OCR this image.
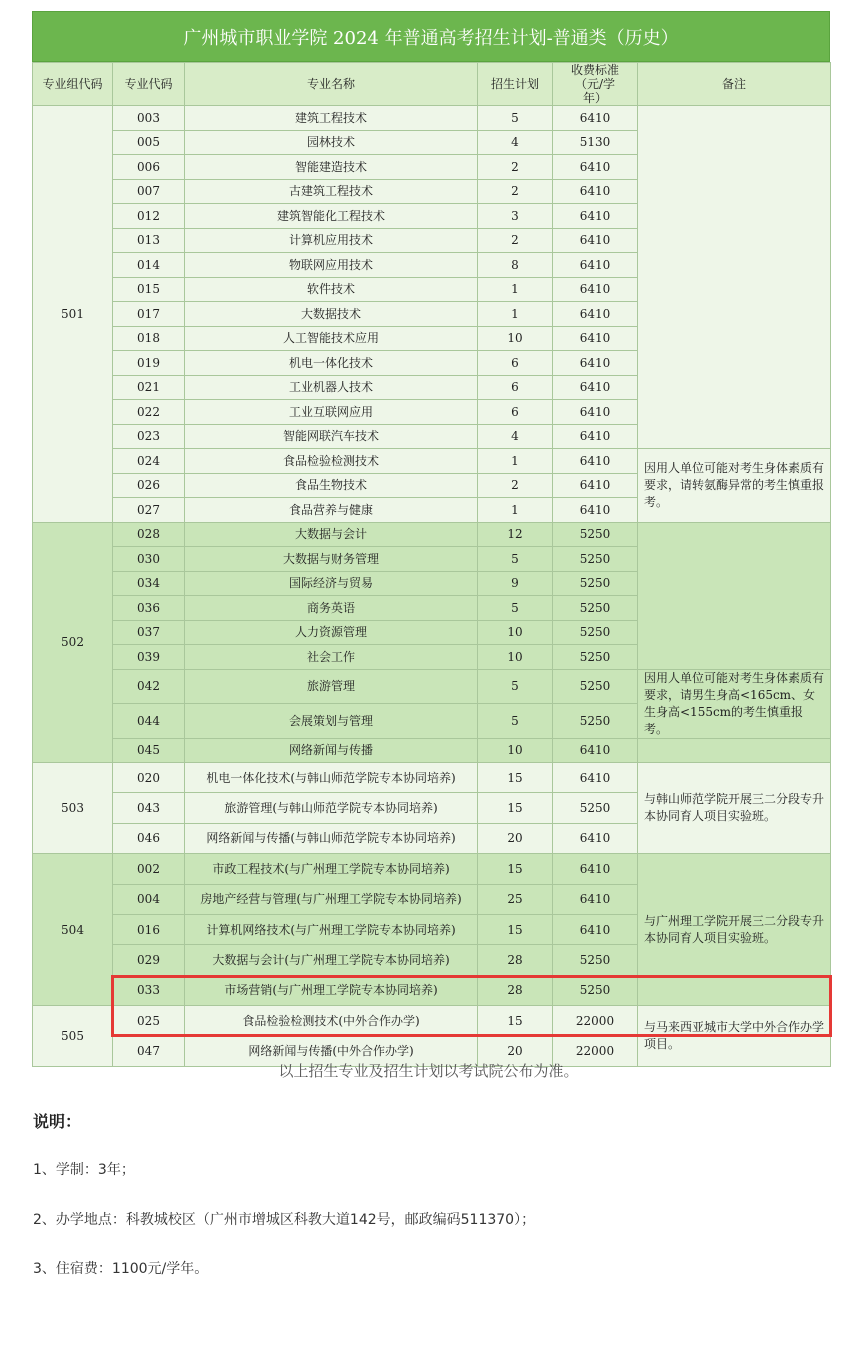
广州城市职业学院 2024 年普通高考招生计划-普通类（历史）
专业组代码	专业代码	专业名称	招生计划	收费标准（元/学年）	备注
501	003	建筑工程技术	5	6410	
	005	园林技术	4	5130	
	006	智能建造技术	2	6410	
	007	古建筑工程技术	2	6410	
	012	建筑智能化工程技术	3	6410	
	013	计算机应用技术	2	6410	
	014	物联网应用技术	8	6410	
	015	软件技术	1	6410	
	017	大数据技术	1	6410	
	018	人工智能技术应用	10	6410	
	019	机电一体化技术	6	6410	
	021	工业机器人技术	6	6410	
	022	工业互联网应用	6	6410	
	023	智能网联汽车技术	4	6410	
	024	食品检验检测技术	1	6410	因用人单位可能对考生身体素质有要求，请转氨酶异常的考生慎重报考。
	026	食品生物技术	2	6410	
	027	食品营养与健康	1	6410	
502	028	大数据与会计	12	5250	
	030	大数据与财务管理	5	5250	
	034	国际经济与贸易	9	5250	
	036	商务英语	5	5250	
	037	人力资源管理	10	5250	
	039	社会工作	10	5250	
	042	旅游管理	5	5250	因用人单位可能对考生身体素质有要求，请男生身高<165cm、女生身高<155cm的考生慎重报考。
	044	会展策划与管理	5	5250	
	045	网络新闻与传播	10	6410	
503	020	机电一体化技术(与韩山师范学院专本协同培养)	15	6410	与韩山师范学院开展三二分段专升本协同育人项目实验班。
	043	旅游管理(与韩山师范学院专本协同培养)	15	5250	
	046	网络新闻与传播(与韩山师范学院专本协同培养)	20	6410	
504	002	市政工程技术(与广州理工学院专本协同培养)	15	6410	与广州理工学院开展三二分段专升本协同育人项目实验班。
	004	房地产经营与管理(与广州理工学院专本协同培养)	25	6410	
	016	计算机网络技术(与广州理工学院专本协同培养)	15	6410	
	029	大数据与会计(与广州理工学院专本协同培养)	28	5250	
	033	市场营销(与广州理工学院专本协同培养)	28	5250	
505	025	食品检验检测技术(中外合作办学)	15	22000	与马来西亚城市大学中外合作办学项目。
	047	网络新闻与传播(中外合作办学)	20	22000	
以上招生专业及招生计划以考试院公布为准。
说明：
1、学制：3年；
2、办学地点：科教城校区（广州市增城区科教大道142号，邮政编码511370）；
3、住宿费：1100元/学年。
